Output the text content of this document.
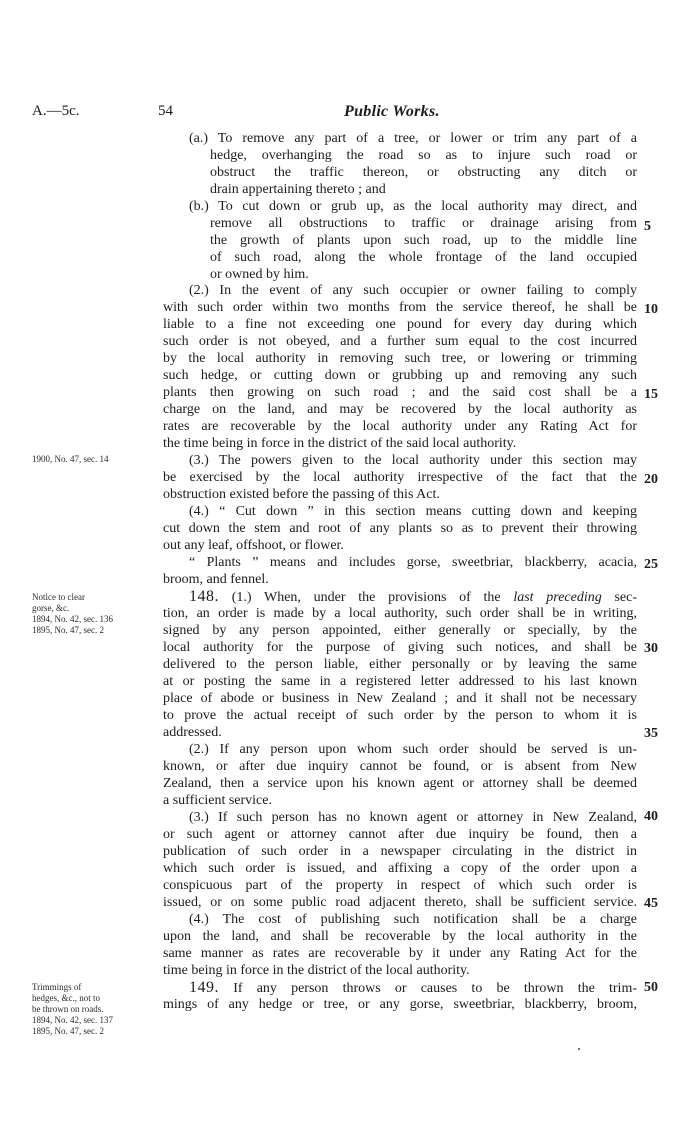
A.—5c.	54	Public Works.
(a.) To remove any part of a tree, or lower or trim any part of a
hedge, overhanging the road so as to injure such road or
obstruct the traffic thereon, or obstructing any ditch or
drain appertaining thereto ; and
(b.) To cut down or grub up, as the local authority may direct, and
remove all obstructions to traffic or drainage arising from
the growth of plants upon such road, up to the middle line
of such road, along the whole frontage of the land occupied
or owned by him.
(2.) In the event of any such occupier or owner failing to comply
with such order within two months from the service thereof, he shall be
liable to a fine not exceeding one pound for every day during which
such order is not obeyed, and a further sum equal to the cost incurred
by the local authority in removing such tree, or lowering or trimming
such hedge, or cutting down or grubbing up and removing any such
plants then growing on such road ; and the said cost shall be a
charge on the land, and may be recovered by the local authority as
rates are recoverable by the local authority under any Rating Act for
the time being in force in the district of the said local authority.
(3.) The powers given to the local authority under this section may
be exercised by the local authority irrespective of the fact that the
obstruction existed before the passing of this Act.
(4.) “ Cut down ” in this section means cutting down and keeping
cut down the stem and root of any plants so as to prevent their throwing
out any leaf, offshoot, or flower.
“ Plants ” means and includes gorse, sweetbriar, blackberry, acacia,
broom, and fennel.
148. (1.) When, under the provisions of the last preceding sec-
tion, an order is made by a local authority, such order shall be in writing,
signed by any person appointed, either generally or specially, by the
local authority for the purpose of giving such notices, and shall be
delivered to the person liable, either personally or by leaving the same
at or posting the same in a registered letter addressed to his last known
place of abode or business in New Zealand ; and it shall not be necessary
to prove the actual receipt of such order by the person to whom it is
addressed.
(2.) If any person upon whom such order should be served is un-
known, or after due inquiry cannot be found, or is absent from New
Zealand, then a service upon his known agent or attorney shall be deemed
a sufficient service.
(3.) If such person has no known agent or attorney in New Zealand,
or such agent or attorney cannot after due inquiry be found, then a
publication of such order in a newspaper circulating in the district in
which such order is issued, and affixing a copy of the order upon a
conspicuous part of the property in respect of which such order is
issued, or on some public road adjacent thereto, shall be sufficient service.
(4.) The cost of publishing such notification shall be a charge
upon the land, and shall be recoverable by the local authority in the
same manner as rates are recoverable by it under any Rating Act for the
time being in force in the district of the local authority.
149. If any person throws or causes to be thrown the trim-
mings of any hedge or tree, or any gorse, sweetbriar, blackberry, broom,
5
10
15
20
25
30
35
40
45
50
1900, No. 47, sec. 14
Notice to clear
gorse, &c.
1894, No. 42, sec. 136
1895, No. 47, sec. 2
Trimmings of
hedges, &c., not to
be thrown on roads.
1894, No. 42, sec. 137
1895, No. 47, sec. 2
